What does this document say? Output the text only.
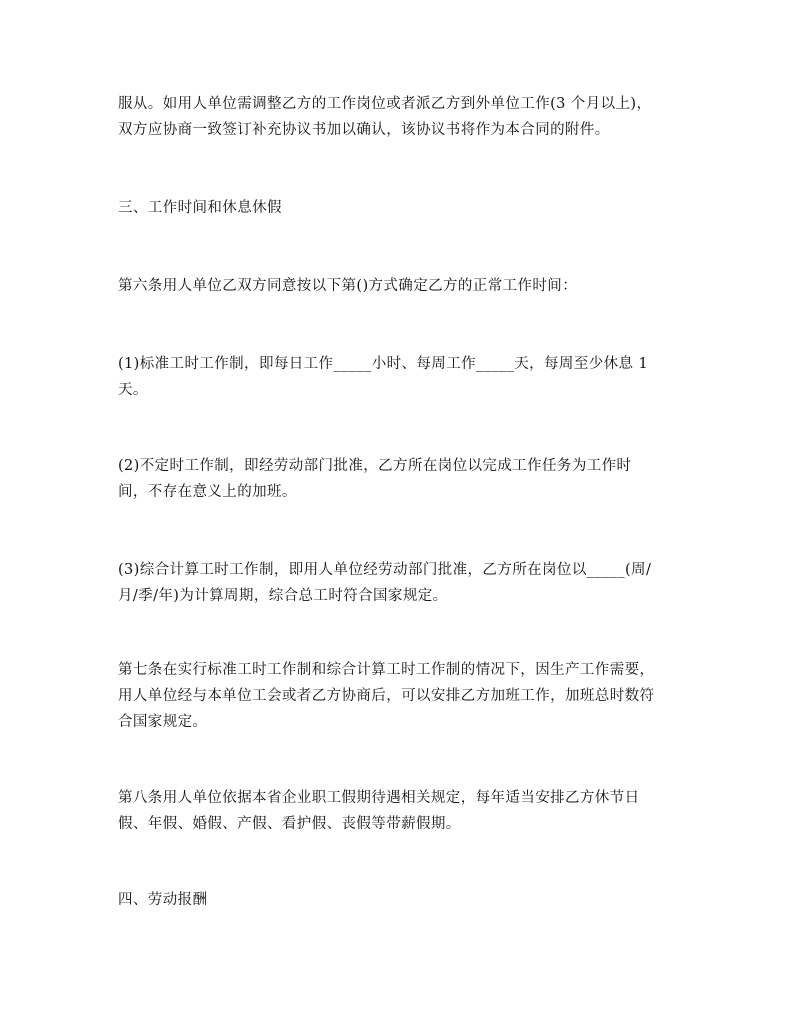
服从。如用人单位需调整乙方的工作岗位或者派乙方到外单位工作(3 个月以上)，
双方应协商一致签订补充协议书加以确认，该协议书将作为本合同的附件。

三、工作时间和休息休假

第六条用人单位乙双方同意按以下第()方式确定乙方的正常工作时间：

(1)标准工时工作制，即每日工作_____小时、每周工作_____天，每周至少休息 1
天。

(2)不定时工作制，即经劳动部门批准，乙方所在岗位以完成工作任务为工作时
间，不存在意义上的加班。

(3)综合计算工时工作制，即用人单位经劳动部门批准，乙方所在岗位以_____(周/
月/季/年)为计算周期，综合总工时符合国家规定。

第七条在实行标准工时工作制和综合计算工时工作制的情况下，因生产工作需要，
用人单位经与本单位工会或者乙方协商后，可以安排乙方加班工作，加班总时数符
合国家规定。

第八条用人单位依据本省企业职工假期待遇相关规定，每年适当安排乙方休节日
假、年假、婚假、产假、看护假、丧假等带薪假期。

四、劳动报酬
